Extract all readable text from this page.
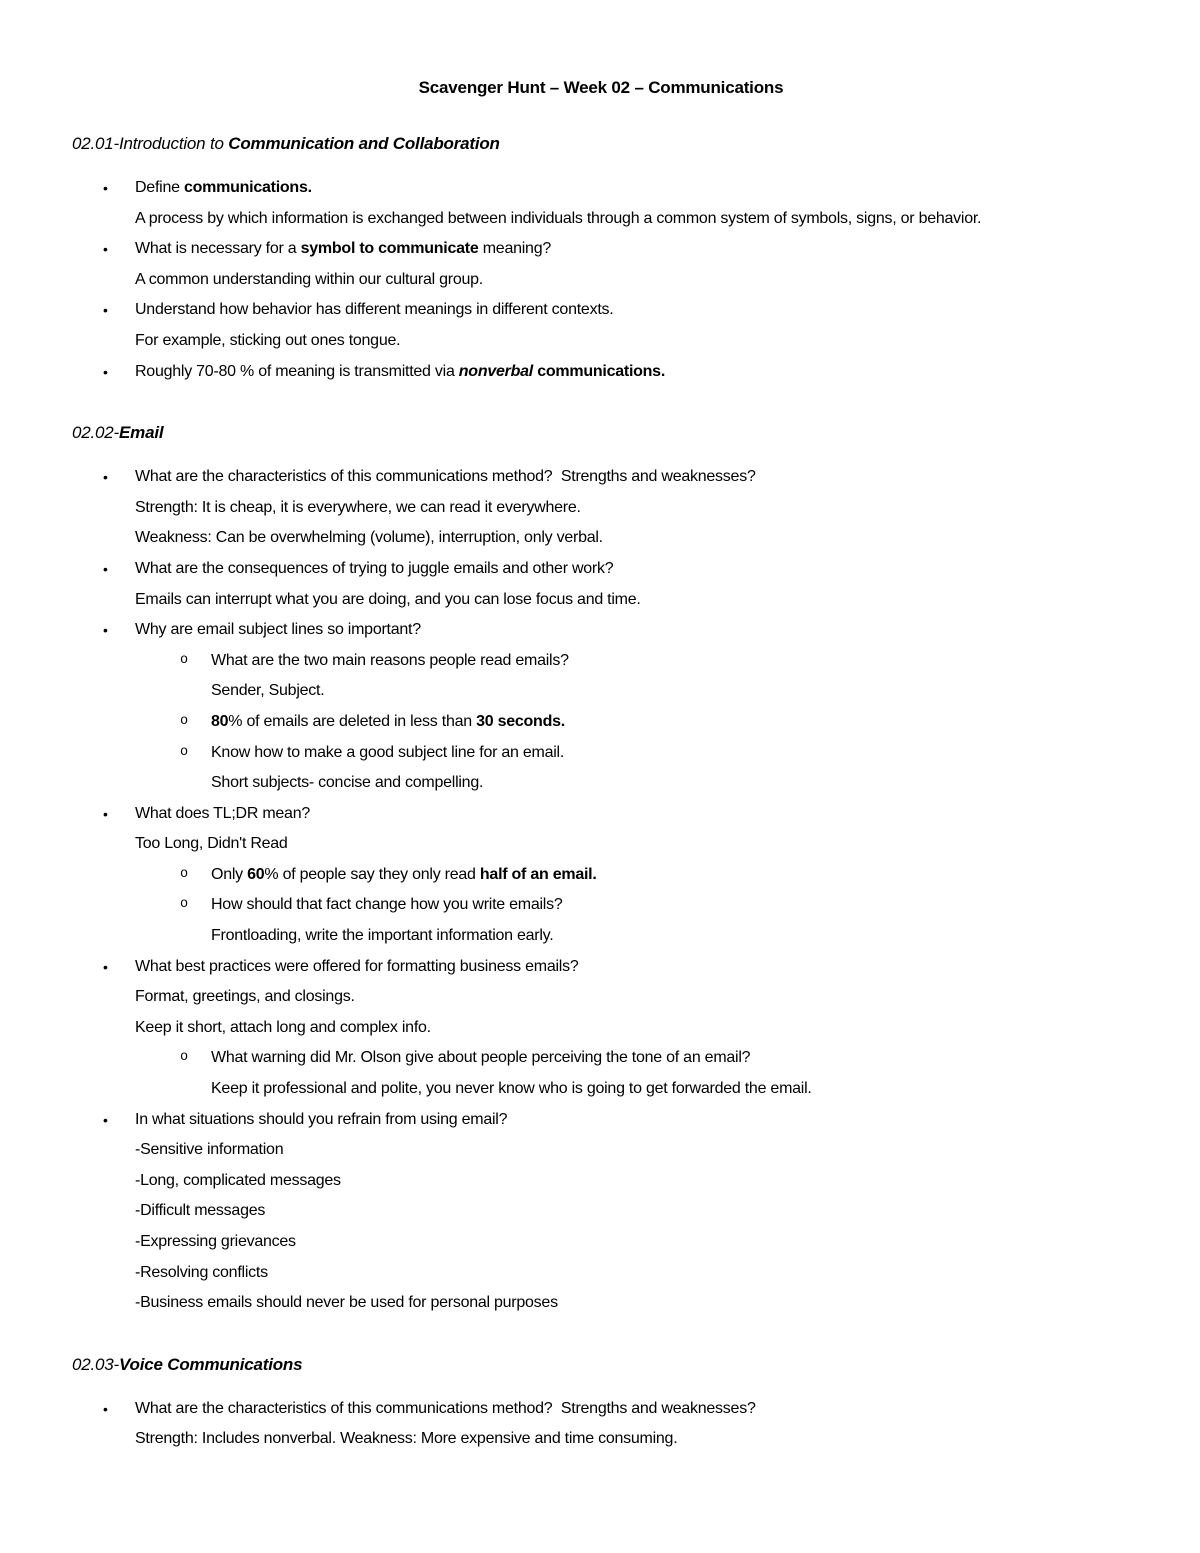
Scavenger Hunt – Week 02 – Communications
02.01-Introduction to Communication and Collaboration
• Define communications.
A process by which information is exchanged between individuals through a common system of symbols, signs, or behavior.
• What is necessary for a symbol to communicate meaning?
A common understanding within our cultural group.
• Understand how behavior has different meanings in different contexts.
For example, sticking out ones tongue.
• Roughly 70-80 % of meaning is transmitted via nonverbal communications.
02.02-Email
• What are the characteristics of this communications method?  Strengths and weaknesses?
Strength: It is cheap, it is everywhere, we can read it everywhere.
Weakness: Can be overwhelming (volume), interruption, only verbal.
• What are the consequences of trying to juggle emails and other work?
Emails can interrupt what you are doing, and you can lose focus and time.
• Why are email subject lines so important?
o What are the two main reasons people read emails?
Sender, Subject.
o 80% of emails are deleted in less than 30 seconds.
o Know how to make a good subject line for an email.
Short subjects- concise and compelling.
• What does TL;DR mean?
Too Long, Didn't Read
o Only 60% of people say they only read half of an email.
o How should that fact change how you write emails?
Frontloading, write the important information early.
• What best practices were offered for formatting business emails?
Format, greetings, and closings.
Keep it short, attach long and complex info.
o What warning did Mr. Olson give about people perceiving the tone of an email?
Keep it professional and polite, you never know who is going to get forwarded the email.
• In what situations should you refrain from using email?
-Sensitive information
-Long, complicated messages
-Difficult messages
-Expressing grievances
-Resolving conflicts
-Business emails should never be used for personal purposes
02.03-Voice Communications
• What are the characteristics of this communications method?  Strengths and weaknesses?
Strength: Includes nonverbal. Weakness: More expensive and time consuming.
